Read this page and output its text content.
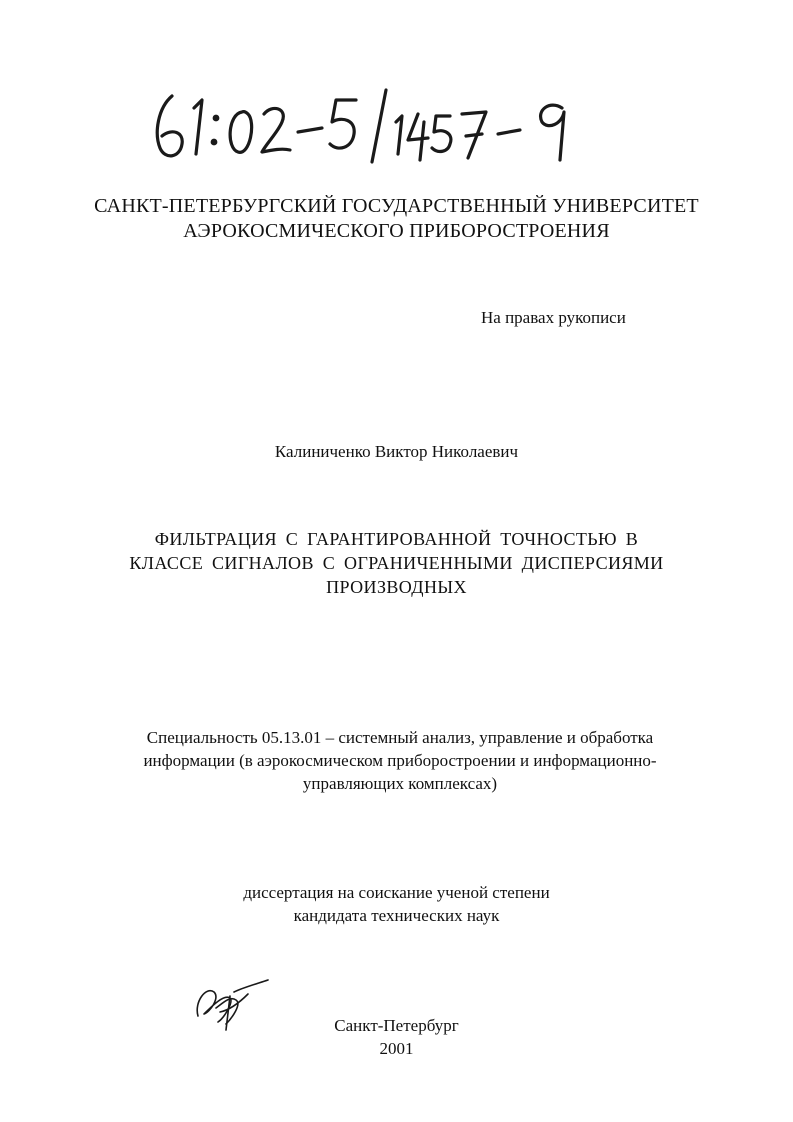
САНКТ-ПЕТЕРБУРГСКИЙ ГОСУДАРСТВЕННЫЙ УНИВЕРСИТЕТ
АЭРОКОСМИЧЕСКОГО ПРИБОРОСТРОЕНИЯ
На правах рукописи
Калиниченко Виктор Николаевич
ФИЛЬТРАЦИЯ С ГАРАНТИРОВАННОЙ ТОЧНОСТЬЮ В
КЛАССЕ СИГНАЛОВ С ОГРАНИЧЕННЫМИ ДИСПЕРСИЯМИ
ПРОИЗВОДНЫХ
Специальность 05.13.01 – системный анализ, управление и обработка
информации (в аэрокосмическом приборостроении и информационно-
управляющих комплексах)
диссертация на соискание ученой степени
кандидата технических наук
Санкт-Петербург
2001
